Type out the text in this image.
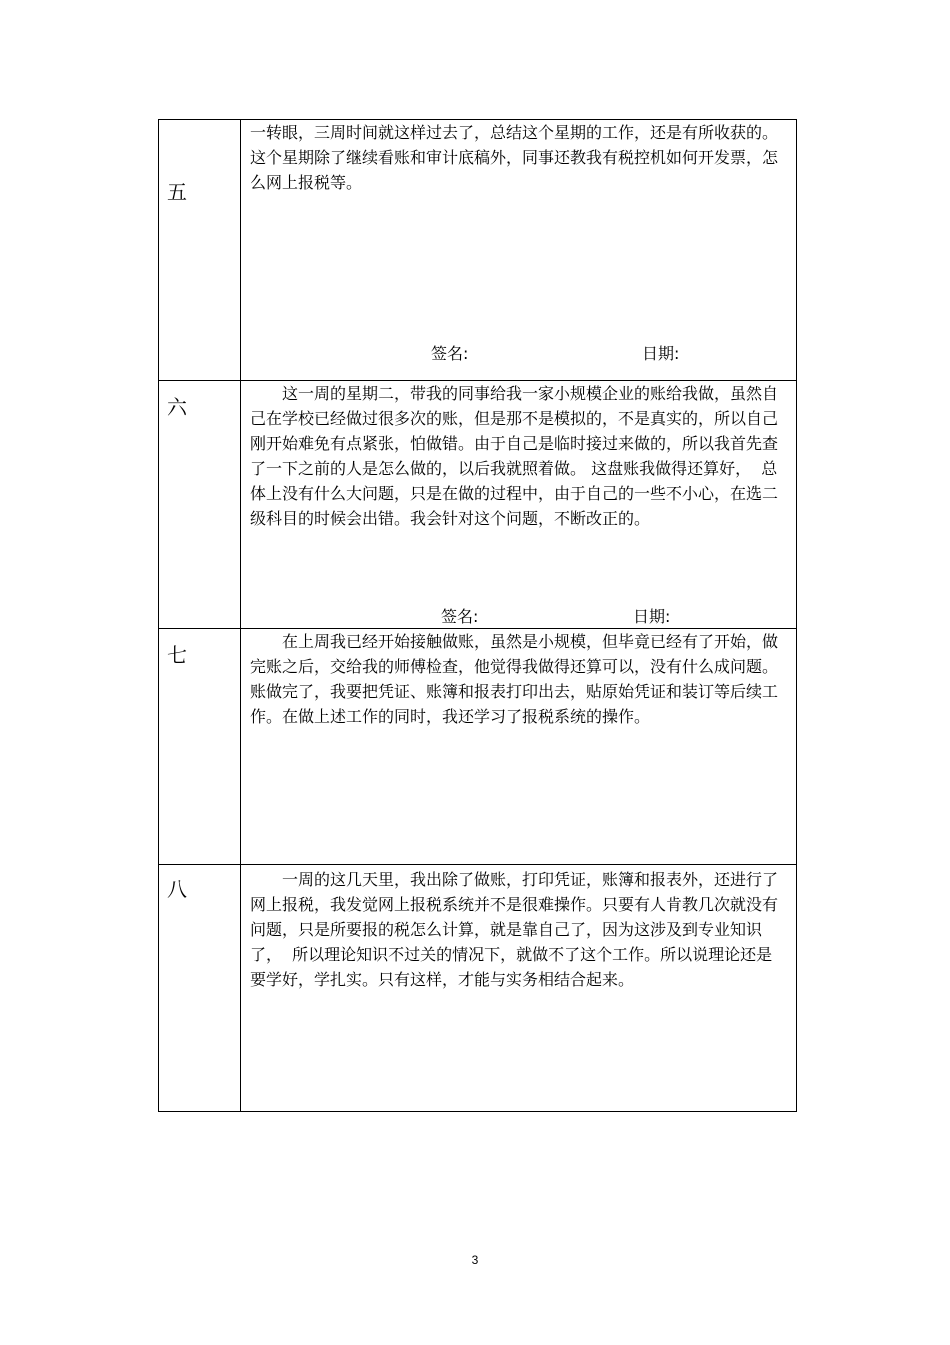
五	一转眼，三周时间就这样过去了，总结这个星期的工作，还是有所收获的。这个星期除了继续看账和审计底稿外，同事还教我有税控机如何开发票，怎么网上报税等。

签名: 日期:

六	　　这一周的星期二，带我的同事给我一家小规模企业的账给我做，虽然自己在学校已经做过很多次的账，但是那不是模拟的，不是真实的，所以自己刚开始难免有点紧张，怕做错。由于自己是临时接过来做的，所以我首先查了一下之前的人是怎么做的，以后我就照着做。 这盘账我做得还算好，  总体上没有什么大问题，只是在做的过程中，由于自己的一些不小心，在选二级科目的时候会出错。我会针对这个问题，不断改正的。

签名: 日期:

七	　　在上周我已经开始接触做账，虽然是小规模，但毕竟已经有了开始，做完账之后，交给我的师傅检查，他觉得我做得还算可以，没有什么成问题。账做完了，我要把凭证、账簿和报表打印出去，贴原始凭证和装订等后续工作。在做上述工作的同时，我还学习了报税系统的操作。

八	　　一周的这几天里，我出除了做账，打印凭证，账簿和报表外，还进行了网上报税，我发觉网上报税系统并不是很难操作。只要有人肯教几次就没有问题，只是所要报的税怎么计算，就是靠自己了，因为这涉及到专业知识了，  所以理论知识不过关的情况下，就做不了这个工作。所以说理论还是要学好，学扎实。只有这样，才能与实务相结合起来。

3
